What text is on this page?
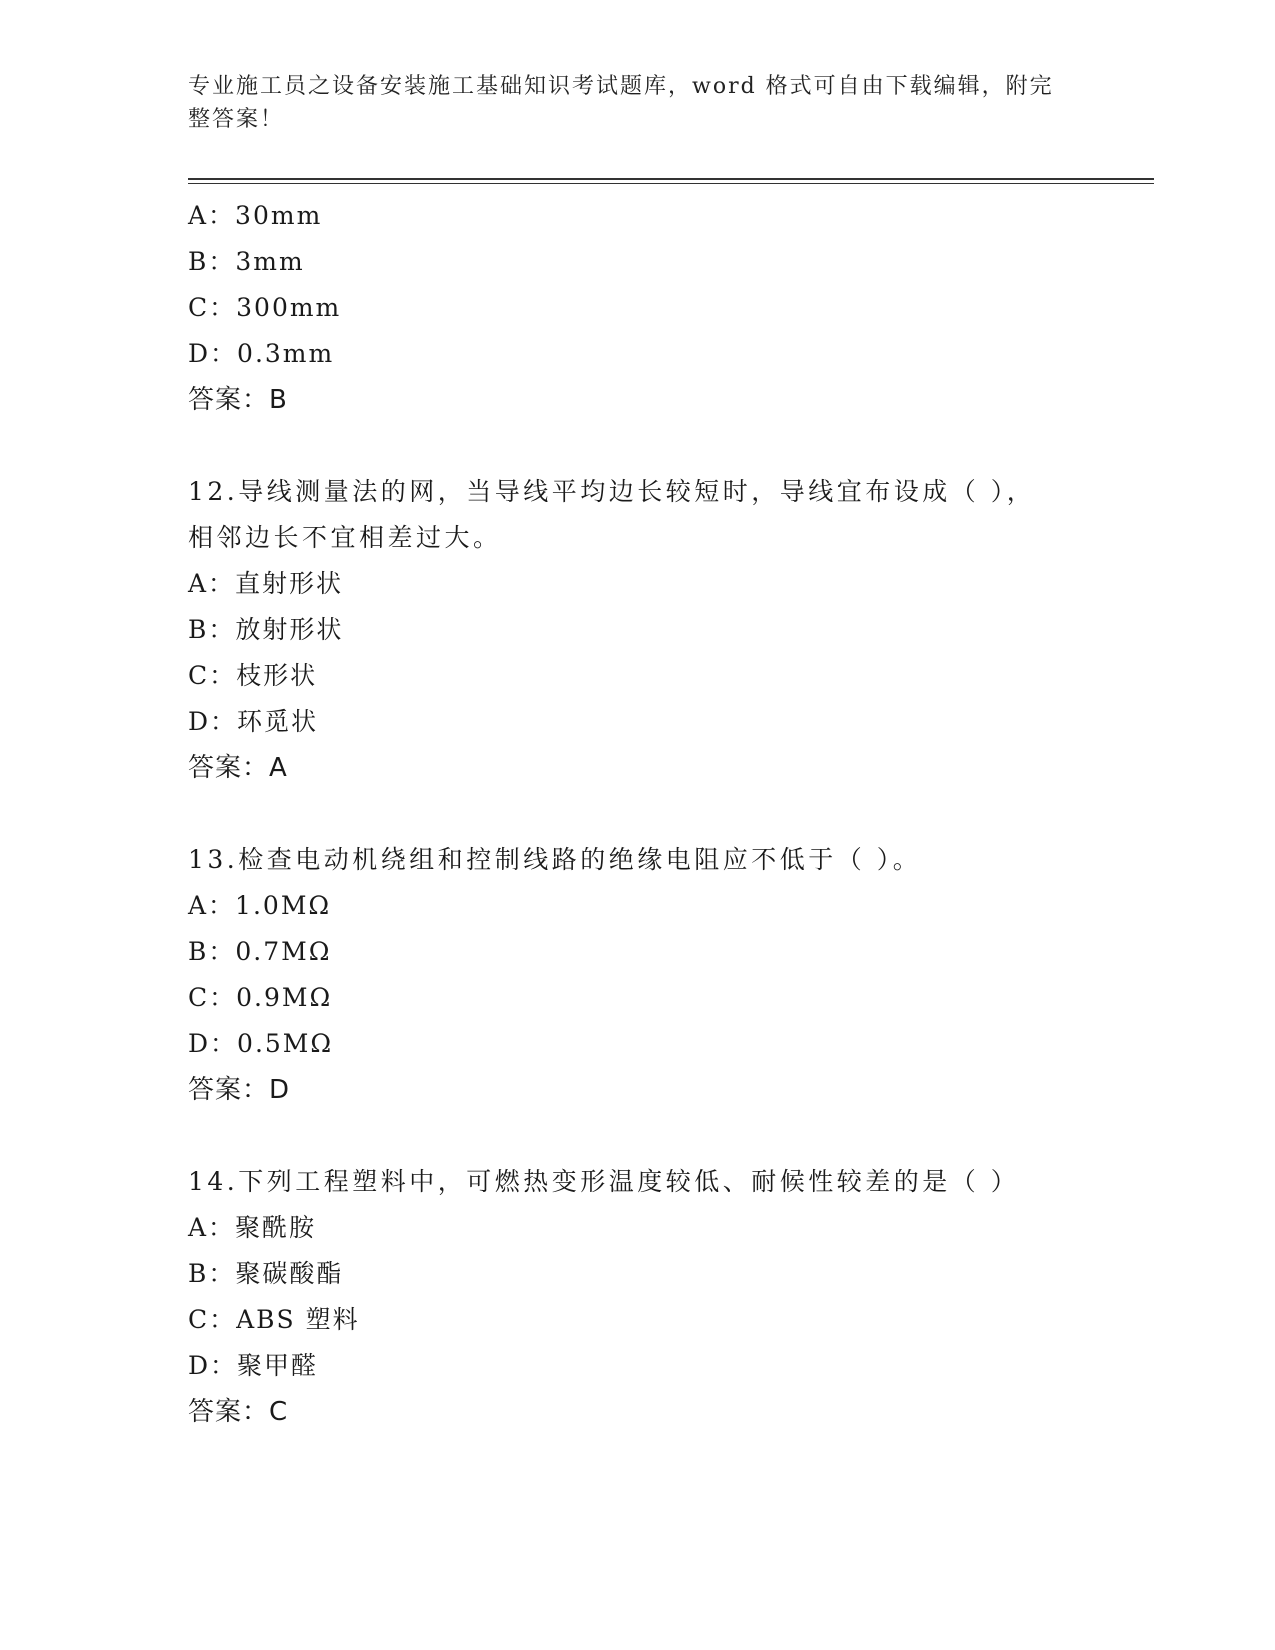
专业施工员之设备安装施工基础知识考试题库，word 格式可自由下载编辑，附完
整答案！
A：30mm
B：3mm
C：300mm
D：0.3mm
答案：B
12.导线测量法的网，当导线平均边长较短时，导线宜布设成（ ），
相邻边长不宜相差过大。
A：直射形状
B：放射形状
C：枝形状
D：环觅状
答案：A
13.检查电动机绕组和控制线路的绝缘电阻应不低于（ ）。
A：1.0MΩ
B：0.7MΩ
C：0.9MΩ
D：0.5MΩ
答案：D
14.下列工程塑料中，可燃热变形温度较低、耐候性较差的是（ ）
A：聚酰胺
B：聚碳酸酯
C：ABS 塑料
D：聚甲醛
答案：C
